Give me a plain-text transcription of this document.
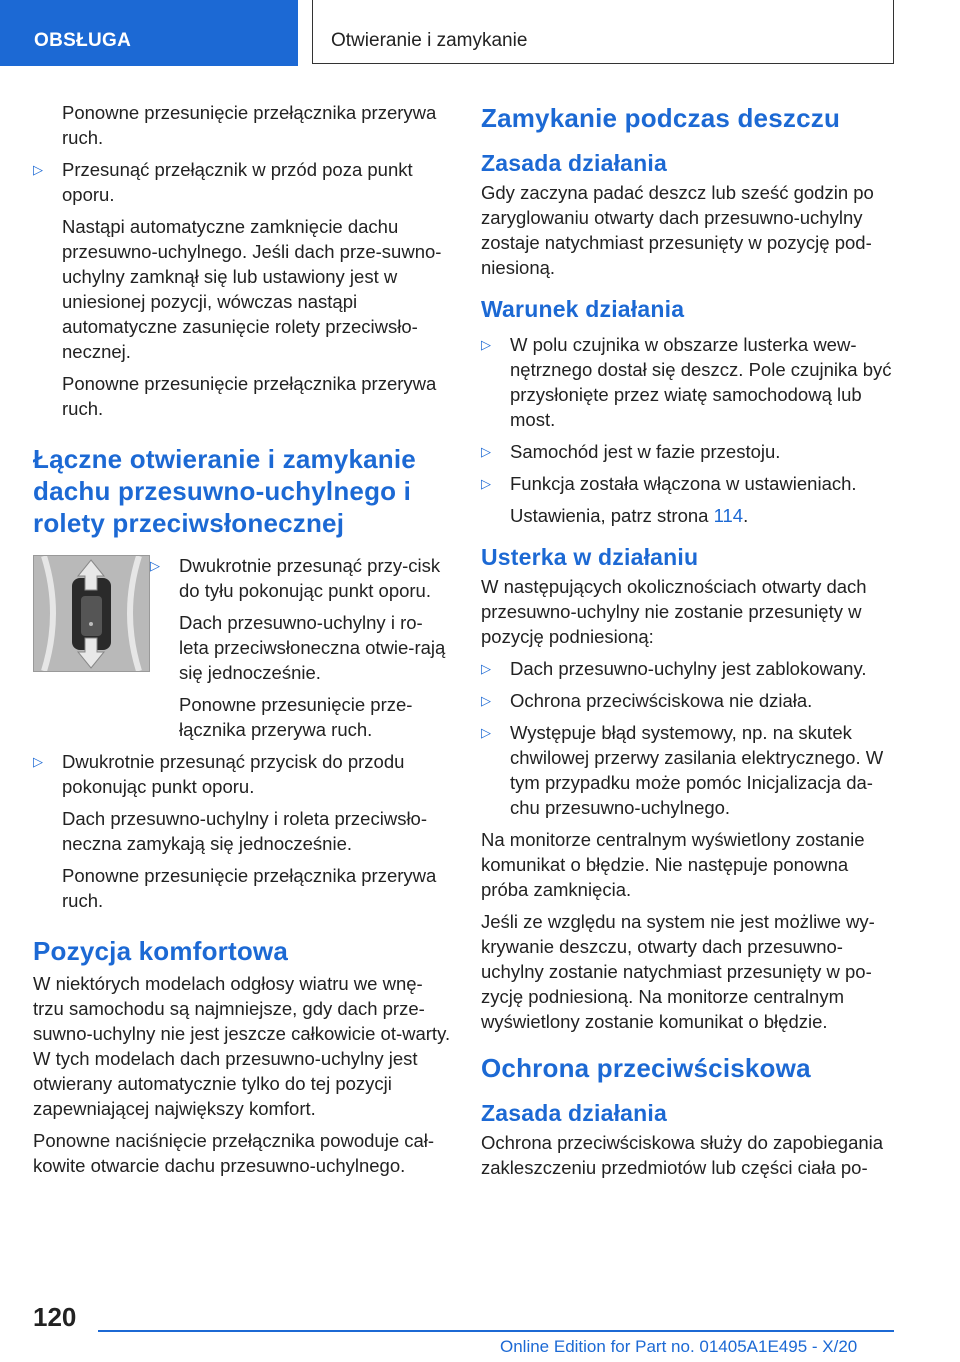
OBSŁUGA	Otwieranie i zamykanie

Ponowne przesunięcie przełącznika przerywa ruch.

▷ Przesunąć przełącznik w przód poza punkt oporu.

Nastąpi automatyczne zamknięcie dachu przesuwno-uchylnego. Jeśli dach prze-suwno-uchylny zamknął się lub ustawiony jest w uniesionej pozycji, wówczas nastąpi automatyczne zasunięcie rolety przeciwsło-necznej.

Ponowne przesunięcie przełącznika przerywa ruch.

Łączne otwieranie i zamykanie dachu przesuwno-uchylnego i rolety przeciwsłonecznej
▷ Dwukrotnie przesunąć przy-cisk do tyłu pokonując punkt oporu.

Dach przesuwno-uchylny i ro-leta przeciwsłoneczna otwie-rają się jednocześnie.

Ponowne przesunięcie prze-łącznika przerywa ruch.

▷ Dwukrotnie przesunąć przycisk do przodu pokonując punkt oporu.

Dach przesuwno-uchylny i roleta przeciwsło-neczna zamykają się jednocześnie.

Ponowne przesunięcie przełącznika przerywa ruch.

Pozycja komfortowa

W niektórych modelach odgłosy wiatru we wnę-trzu samochodu są najmniejsze, gdy dach prze-suwno-uchylny nie jest jeszcze całkowicie ot-warty. W tych modelach dach przesuwno-uchylny jest otwierany automatycznie tylko do tej pozycji zapewniającej największy komfort.

Ponowne naciśnięcie przełącznika powoduje cał-kowite otwarcie dachu przesuwno-uchylnego.

Zamykanie podczas deszczu
Zasada działania

Gdy zaczyna padać deszcz lub sześć godzin po zaryglowaniu otwarty dach przesuwno-uchylny zostaje natychmiast przesunięty w pozycję pod-niesioną.

Warunek działania
▷ W polu czujnika w obszarze lusterka wew-nętrznego dostał się deszcz. Pole czujnika być przysłonięte przez wiatę samochodową lub most.

▷ Samochód jest w fazie przestoju.

▷ Funkcja została włączona w ustawieniach.

Ustawienia, patrz strona 114.

Usterka w działaniu

W następujących okolicznościach otwarty dach przesuwno-uchylny nie zostanie przesunięty w pozycję podniesioną:

▷ Dach przesuwno-uchylny jest zablokowany.

▷ Ochrona przeciwściskowa nie działa.

▷ Występuje błąd systemowy, np. na skutek chwilowej przerwy zasilania elektrycznego. W tym przypadku może pomóc Inicjalizacja da-chu przesuwno-uchylnego.

Na monitorze centralnym wyświetlony zostanie komunikat o błędzie. Nie następuje ponowna próba zamknięcia.

Jeśli ze względu na system nie jest możliwe wy-krywanie deszczu, otwarty dach przesuwno-uchylny zostanie natychmiast przesunięty w po-zycję podniesioną. Na monitorze centralnym wyświetlony zostanie komunikat o błędzie.

Ochrona przeciwściskowa
Zasada działania

Ochrona przeciwściskowa służy do zapobiegania zakleszczeniu przedmiotów lub części ciała po-

120
Online Edition for Part no. 01405A1E495 - X/20
